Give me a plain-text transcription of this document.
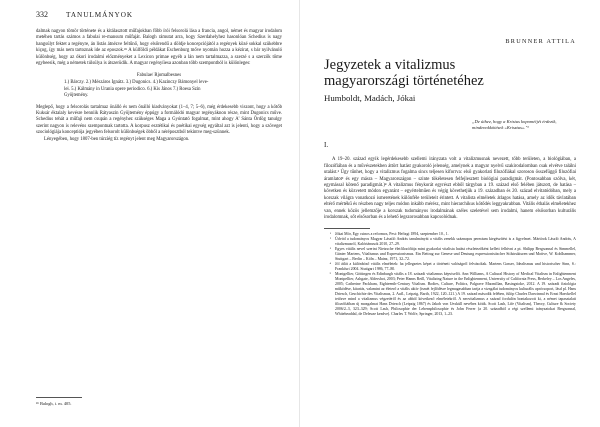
332	TANULMÁNYOK

dalmak nagyon tömör története és a kitálasztott műfajokban főbb írói felsorolá lása a francia, angol, német és magyar irodalom metéhen tartás számos a fabulai re-mansum műfaját. Balogh rámutat arra, hogy Szerdahelyhez hasonlóan Schedius is nagy hangsúlyt fektet a regényre, án listás átnézve feltűnő, hogy elsőrendű a döldje koncepciójától a regények közé sokkal szükebbre kiçog, így más nem tartoznak ide az eposzok.³⁶ A külföldi példákat Eschenburg mőve nyomán hozza a kézirat, s bár nyilvánuló különbség, hogy az ókori irodalmi előzményeket a Lexicon primae egyéb a lán nem tartalmazza, a szerzé s a szerzők tőme egybeesik, még a németek túlsúlya is átszerüdik. A magyar regényíiesa azonban több szempontból is különleges:

Fabulae/ Rjomalbesnes
1.) Bárczy. 2.) Mészáros Ignátz. 3.) Dugonics. 4.) Kazinczy Bámonyel leve-
lei. 5.) Kálmány in Urania opere periodico. 6.) Kis János 7.) Roesa Szin
Gyöjtemény.

Meglepő, hogy a felsorolás tartalmaz önálló és nem önálló kiadványokat (1–4, 7; 5–6), még érdekesebb viszont, hogy a kötőb Kuksár éktalaly kevésre benniik Rátyaszin Gyöjtemény éppúgy a formálódó magyar regényáknon része, mint Dugonics műve. Schedius tehát a műfaji nem csupán a regényhez szükséges Maga a Gyóntató fogalmat, mint ahogy A' Sánta Ördög tanulgy szerint nagyon is relevéns szempontnak tartotta. A korpusz esztétikai és poétikai egység egyáltal azt is jelenti, hogy a szöveget szociológiája konceptiója jegyében felsorolt különbségek öbből a néréposztból tekintve meg-szünnek.
Lényegében, hogy 1807-ben túrzíég tíz regényt jelent meg Magyarországon.

³⁶ Balogh, i. m. 405.
BRUNNER ATTILA
Jegyzetek a vitalizmus
magyarországi történetéhez
Humboldt, Madách, Jókai
„De úthez, hogy a Kristus kopoméijét érdezik, mindenokkötések »Krisztus«."¹
I.

A 19–20. század egyik legérdekesebb szellemi irányzata volt a vitalizmusnak nevezett, több területen, a biológiában, a filozófiában és a művészetekben áttört hatást gyakoroló jelenség, amelynek a magyar nyelvű szakirodalomban csak elvétve találni utalást.² Úgy tűnhet, hogy a vitalizmus fogalma sincs teljesen kiforrva: első gyakorlati filozófiákal szoroson összefüggő filozófiai áramlatot³ és egy másra – Magyarországon – szinte tökéletesen felfejlesztett biológiai paradigmát. (Pontosabban szólva, két, egymással kötenő paradigmát.)⁴ A vitalizmus fénykorát egyrészt ebből tárgyban a 19. század első felében játszott, de hatása – követken és közvetett módon egyaránt – egyértelműen és végig követhetjük a 19. században és 20. század elvitatódóban, mely a korszak világra vonatkozó ismeretének különféle területeit érintett. A vitalista elméletek átlagos hatása, amely az idők távlatában eltérő mértékű és részben nagy teljes módon inkább mérész, mint hierarchikus kötődés leggyakrabban. Vitális éthalás elméletekhez van, ennek közös jellemzője a korszak tudományos irodalmának széles szeletével sem irodalmi, hanem elsősorban kulturális irodalomnak, sőt elsősorban és a lehető legszorosabban kapcsolódnak.

¹ Jókai Mór, Egy csinos a reformos, Pest: Heftzgi 1894, szeptember 10., 1.
² Üdvöd a tudományos Magyar Lásztló András tanulmányát a vitális zenekk száznapos permium kiegészítést is a figyelmet. Mártírok László András, A vitalizmusról, Kalóriánusok 2010, 27–29.
³ Egyes vitális nevel szerint Nietzsche életfilozófiája mint gyakorlat vitalista hatást részletezőként kellett felhívni a pt. Shilipp Bergsonnal és Simmellel, Günter Martens, Vitalismus und Expressionismus. Ein Beitrag zur Genese und Deutung expressionistischer Stilstrukturen und Motive, W. Kohlhammer, Stuttgart – Berlin – Köln – Mainz, 1971, 32–72.
⁴ Jól átlát a különböző vitális elméletek: ha jellegzetes képet a történeti valóságról felvázoltak. Martens Gasser, Idealismus und historischer Sinn, S.: Frankfurt 2004. Stuttgart 1986, 77–80.
⁵ Montgellier, Göttingen és Edinburgh vitális a 18. századi vitalizmus képviselői. Ann Williams, A Cultural History of Medical Vitalism in Enlightenment Montpellier, Ashgate, Aldershot, 2003; Peter Hanns Reill, Vitalizing Nature in the Enlightenment, University of California Press, Berkeley – Los Angeles, 2005; Catherine Packham, Eighteenth-Century Vitalism. Bodies, Culture, Politics, Palgrave Macmillan, Basingstoke, 2012. A 19. századi fiziológia működése, kitartás, valamint az életerő a vitális aktív (ismét fejlődésre legmagasabban tartja a vizsgálat tudományos kulturális aprócsoport, lásd pl. Hans Driesch, Geschichte des Vitalismus, 2. Aufl., Leipzig, Barth, 1922, 120–121.) A 19. század második felében, fülöp Charles Darwinnal és Ernst Haeckellel tetőzve mind a vitalizmus végzetéről és az abból következő elméletekről. A neovitalizmus a század fordulón bontakozott ki, a német tapasztalati filozófiáiban új mozgalmat Hans Driesch (Leipzig 1867) és Jakob von Uexküll nevéhez kötik. Scott Lash, Life (Vitalism), Theory, Culture & Society 2006/2–3, 323–329; Scott Lash, Philosophie der Lebensphilosophie és John Ferrer (a 20. századból a régi szellemi irányzatokat Bergsonnal, Whiteheaddal, de Deleuze kezdve). Charles T. Wolfe, Springer, 2013, 1–23.
